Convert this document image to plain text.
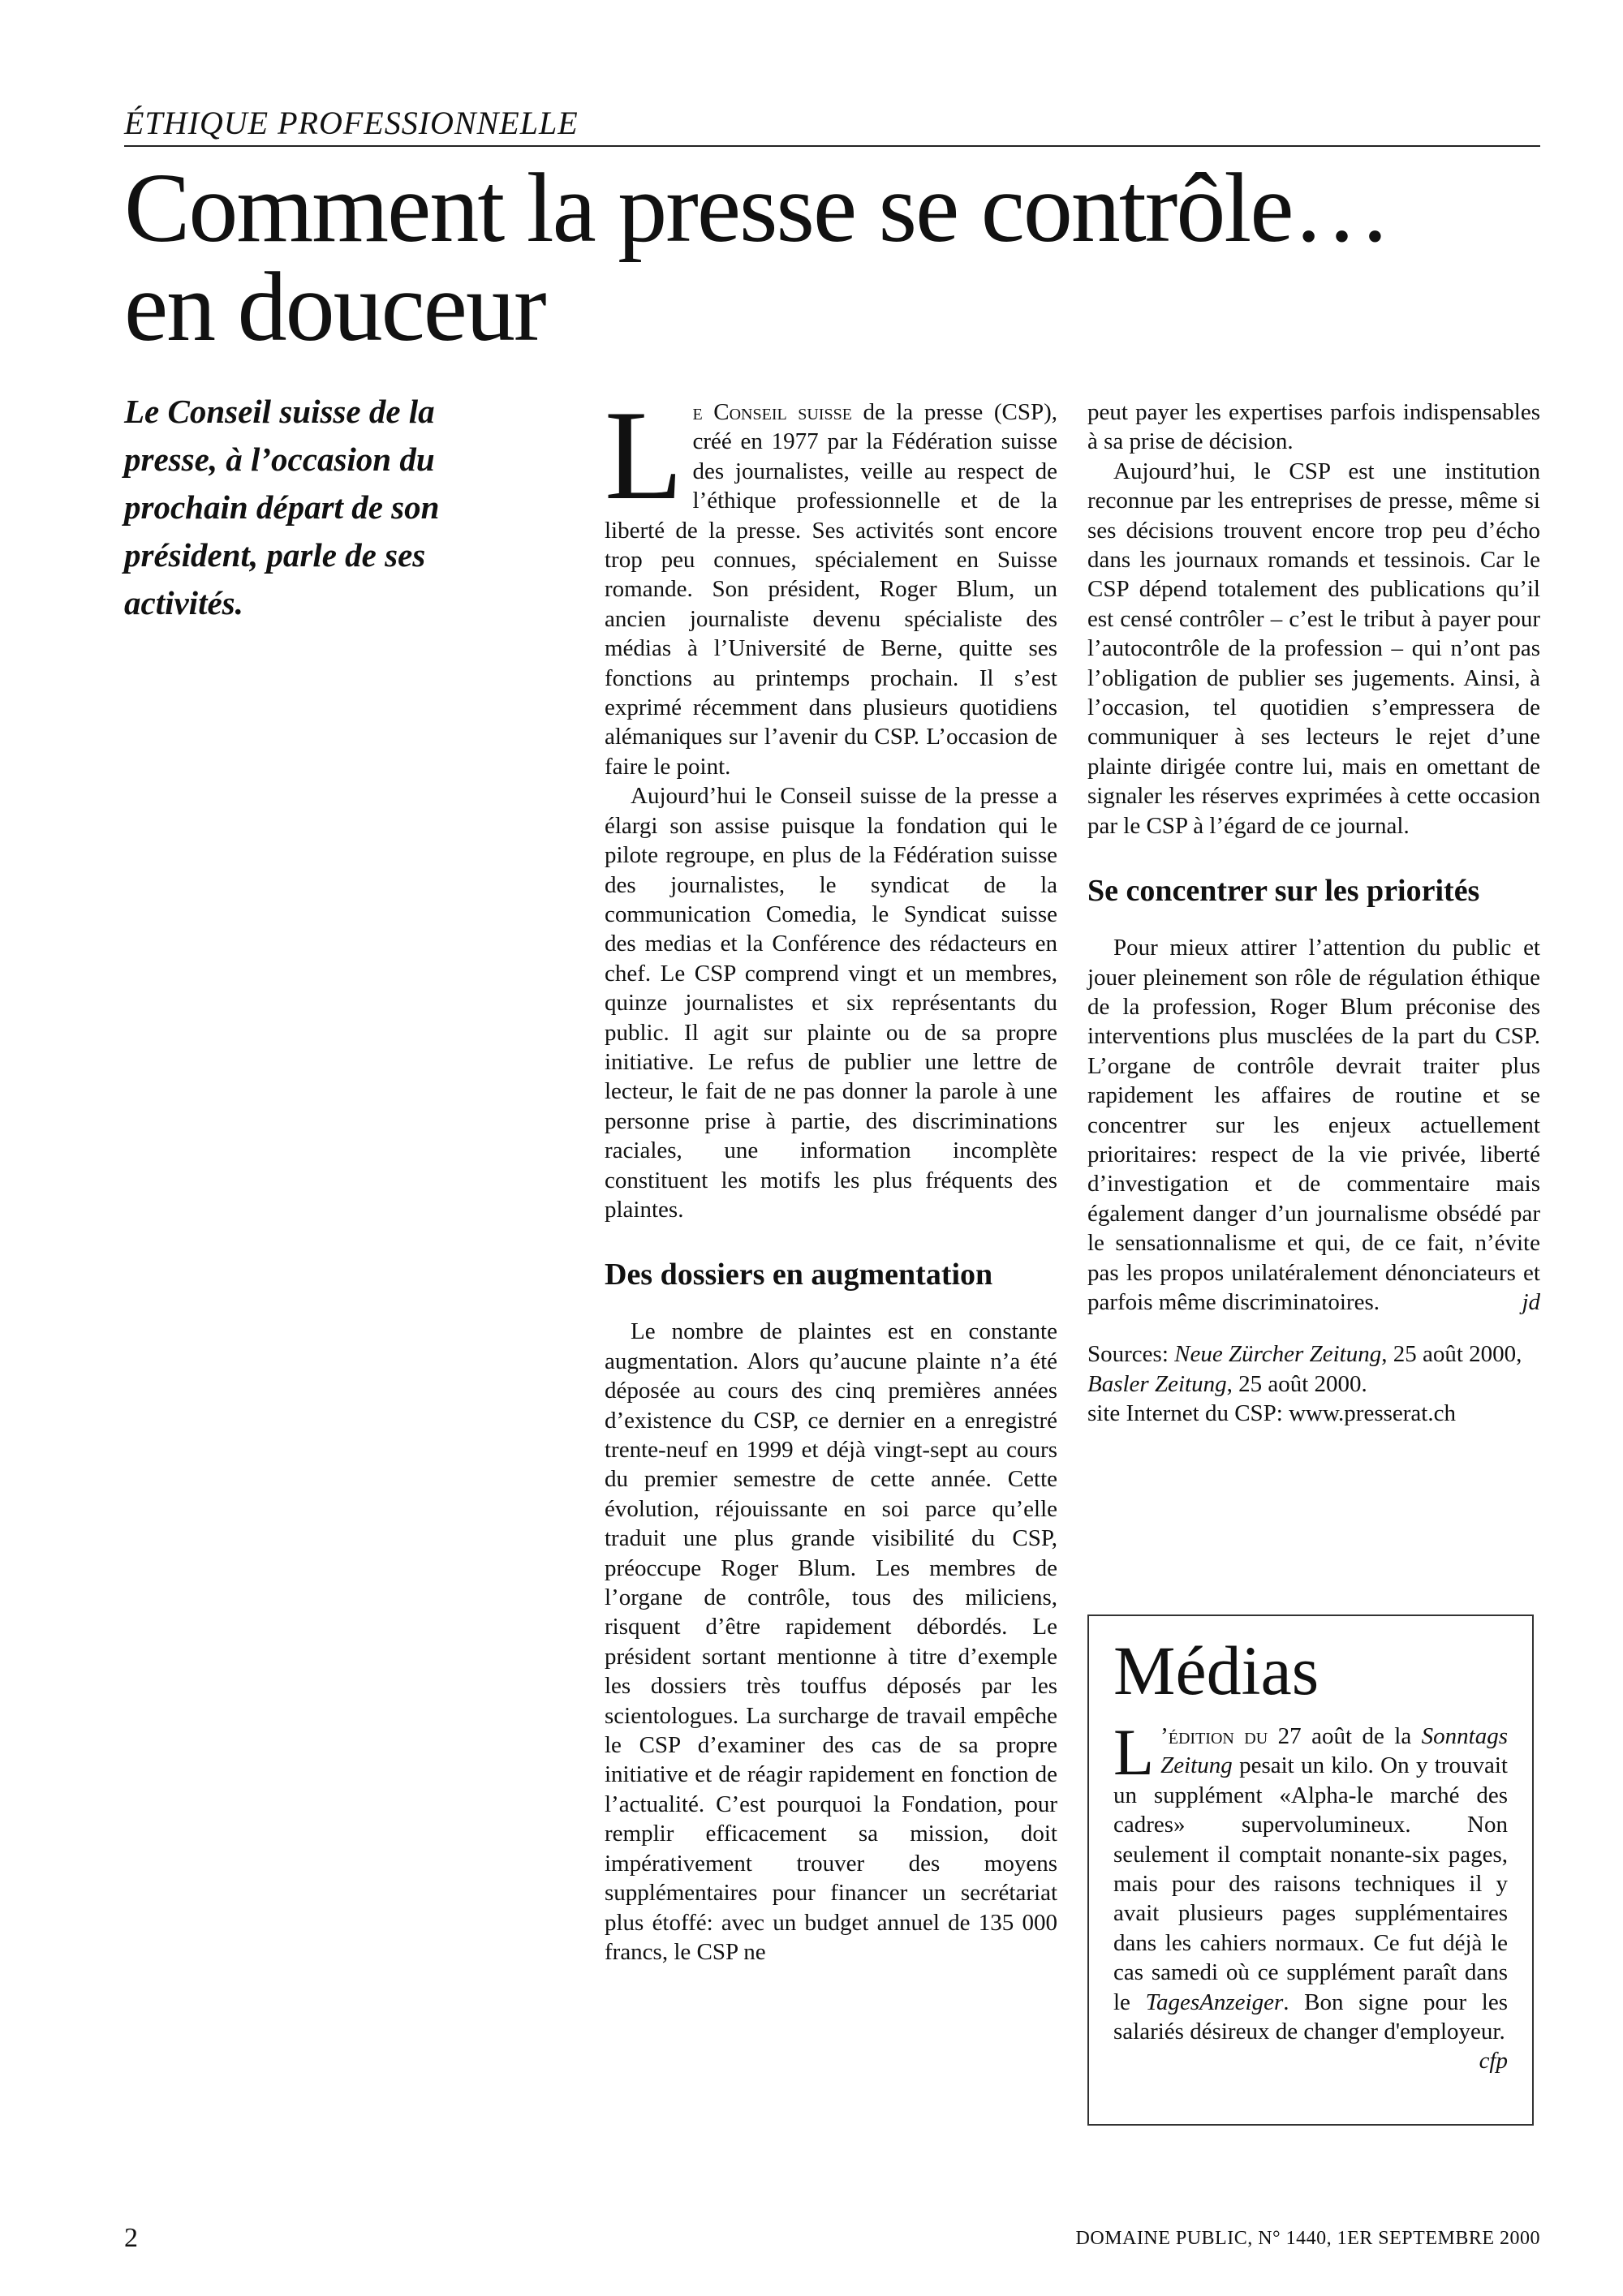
ÉTHIQUE PROFESSIONNELLE
Comment la presse se contrôle…
en douceur
Le Conseil suisse de la presse, à l’occasion du prochain départ de son président, parle de ses activités.

Le Conseil suisse de la presse (CSP), créé en 1977 par la Fédération suisse des journalistes, veille au respect de l’éthique professionnelle et de la liberté de la presse. Ses activités sont encore trop peu connues, spécialement en Suisse romande. Son président, Roger Blum, un ancien journaliste devenu spécialiste des médias à l’Université de Berne, quitte ses fonctions au printemps prochain. Il s’est exprimé récemment dans plusieurs quotidiens alémaniques sur l’avenir du CSP. L’occasion de faire le point.

Aujourd’hui le Conseil suisse de la presse a élargi son assise puisque la fondation qui le pilote regroupe, en plus de la Fédération suisse des journalistes, le syndicat de la communication Comedia, le Syndicat suisse des medias et la Conférence des rédacteurs en chef. Le CSP comprend vingt et un membres, quinze journalistes et six représentants du public. Il agit sur plainte ou de sa propre initiative. Le refus de publier une lettre de lecteur, le fait de ne pas donner la parole à une personne prise à partie, des discriminations raciales, une information incomplète constituent les motifs les plus fréquents des plaintes.

Des dossiers en augmentation

Le nombre de plaintes est en constante augmentation. Alors qu’aucune plainte n’a été déposée au cours des cinq premières années d’existence du CSP, ce dernier en a enregistré trente-neuf en 1999 et déjà vingt-sept au cours du premier semestre de cette année. Cette évolution, réjouissante en soi parce qu’elle traduit une plus grande visibilité du CSP, préoccupe Roger Blum. Les membres de l’organe de contrôle, tous des miliciens, risquent d’être rapidement débordés. Le président sortant mentionne à titre d’exemple les dossiers très touffus déposés par les scientologues. La surcharge de travail empêche le CSP d’examiner des cas de sa propre initiative et de réagir rapidement en fonction de l’actualité. C’est pourquoi la Fondation, pour remplir efficacement sa mission, doit impérativement trouver des moyens supplémentaires pour financer un secrétariat plus étoffé: avec un budget annuel de 135 000 francs, le CSP ne

peut payer les expertises parfois indispensables à sa prise de décision.

Aujourd’hui, le CSP est une institution reconnue par les entreprises de presse, même si ses décisions trouvent encore trop peu d’écho dans les journaux romands et tessinois. Car le CSP dépend totalement des publications qu’il est censé contrôler – c’est le tribut à payer pour l’autocontrôle de la profession – qui n’ont pas l’obligation de publier ses jugements. Ainsi, à l’occasion, tel quotidien s’empressera de communiquer à ses lecteurs le rejet d’une plainte dirigée contre lui, mais en omettant de signaler les réserves exprimées à cette occasion par le CSP à l’égard de ce journal.

Se concentrer sur les priorités

Pour mieux attirer l’attention du public et jouer pleinement son rôle de régulation éthique de la profession, Roger Blum préconise des interventions plus musclées de la part du CSP. L’organe de contrôle devrait traiter plus rapidement les affaires de routine et se concentrer sur les enjeux actuellement prioritaires: respect de la vie privée, liberté d’investigation et de commentaire mais également danger d’un journalisme obsédé par le sensationnalisme et qui, de ce fait, n’évite pas les propos unilatéralement dénonciateurs et parfois même discriminatoires.	jd

Sources: Neue Zürcher Zeitung, 25 août 2000, Basler Zeitung, 25 août 2000.
site Internet du CSP: www.presserat.ch

Médias

L ’édition du 27 août de la Sonntags Zeitung pesait un kilo. On y trouvait un supplément «Alpha-le marché des cadres» supervolumineux. Non seulement il comptait nonante-six pages, mais pour des raisons techniques il y avait plusieurs pages supplémentaires dans les cahiers normaux. Ce fut déjà le cas samedi où ce supplément paraît dans le TagesAnzeiger. Bon signe pour les salariés désireux de changer d'employeur.
cfp

2	DOMAINE PUBLIC, N° 1440, 1ER SEPTEMBRE 2000
